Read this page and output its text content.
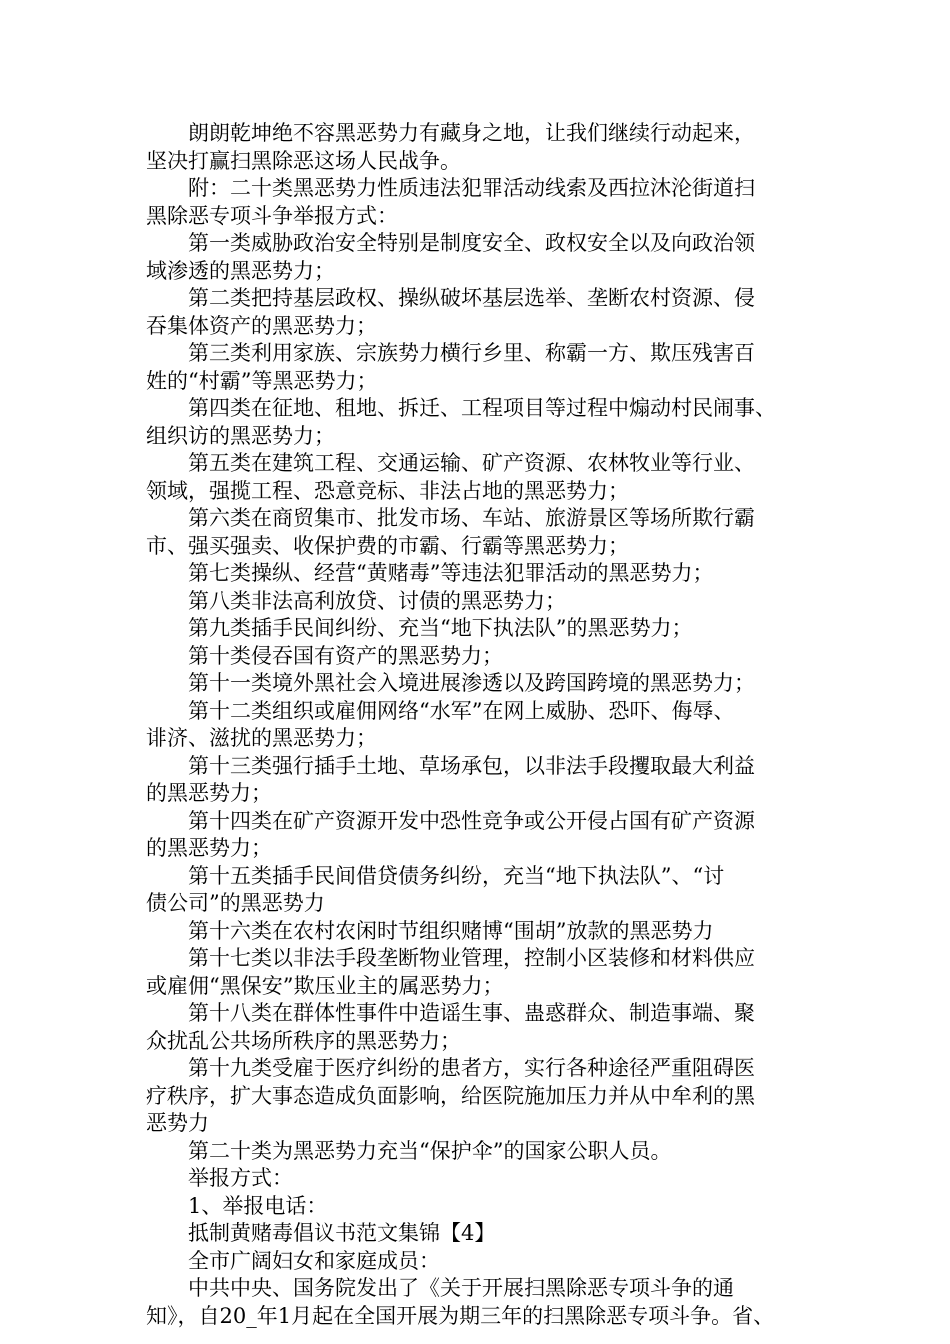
朗朗乾坤绝不容黑恶势力有藏身之地，让我们继续行动起来，
坚决打赢扫黑除恶这场人民战争。
附：二十类黑恶势力性质违法犯罪活动线索及西拉沐沦街道扫
黑除恶专项斗争举报方式：
第一类威胁政治安全特别是制度安全、政权安全以及向政治领
域渗透的黑恶势力；
第二类把持基层政权、操纵破坏基层选举、垄断农村资源、侵
吞集体资产的黑恶势力；
第三类利用家族、宗族势力横行乡里、称霸一方、欺压残害百
姓的“村霸”等黑恶势力；
第四类在征地、租地、拆迁、工程项目等过程中煽动村民闹事、
组织访的黑恶势力；
第五类在建筑工程、交通运输、矿产资源、农林牧业等行业、
领域，强揽工程、恐意竞标、非法占地的黑恶势力；
第六类在商贸集市、批发市场、车站、旅游景区等场所欺行霸
市、强买强卖、收保护费的市霸、行霸等黑恶势力；
第七类操纵、经营“黄赌毒”等违法犯罪活动的黑恶势力；
第八类非法高利放贷、讨债的黑恶势力；
第九类插手民间纠纷、充当“地下执法队”的黑恶势力；
第十类侵吞国有资产的黑恶势力；
第十一类境外黑社会入境进展渗透以及跨国跨境的黑恶势力；
第十二类组织或雇佣网络“水军”在网上威胁、恐吓、侮辱、
诽济、滋扰的黑恶势力；
第十三类强行插手土地、草场承包，以非法手段攫取最大利益
的黑恶势力；
第十四类在矿产资源开发中恐性竞争或公开侵占国有矿产资源
的黑恶势力；
第十五类插手民间借贷债务纠纷，充当“地下执法队”、“讨
债公司”的黑恶势力
第十六类在农村农闲时节组织赌博“围胡”放款的黑恶势力
第十七类以非法手段垄断物业管理，控制小区装修和材料供应
或雇佣“黑保安”欺压业主的属恶势力；
第十八类在群体性事件中造谣生事、蛊惑群众、制造事端、聚
众扰乱公共场所秩序的黑恶势力；
第十九类受雇于医疗纠纷的患者方，实行各种途径严重阻碍医
疗秩序，扩大事态造成负面影响，给医院施加压力并从中牟利的黑
恶势力
第二十类为黑恶势力充当“保护伞”的国家公职人员。
举报方式：
1、举报电话：
抵制黄赌毒倡议书范文集锦【4】
全市广阔妇女和家庭成员：
中共中央、国务院发出了《关于开展扫黑除恶专项斗争的通
知》，自20_年1月起在全国开展为期三年的扫黑除恶专项斗争。省、
